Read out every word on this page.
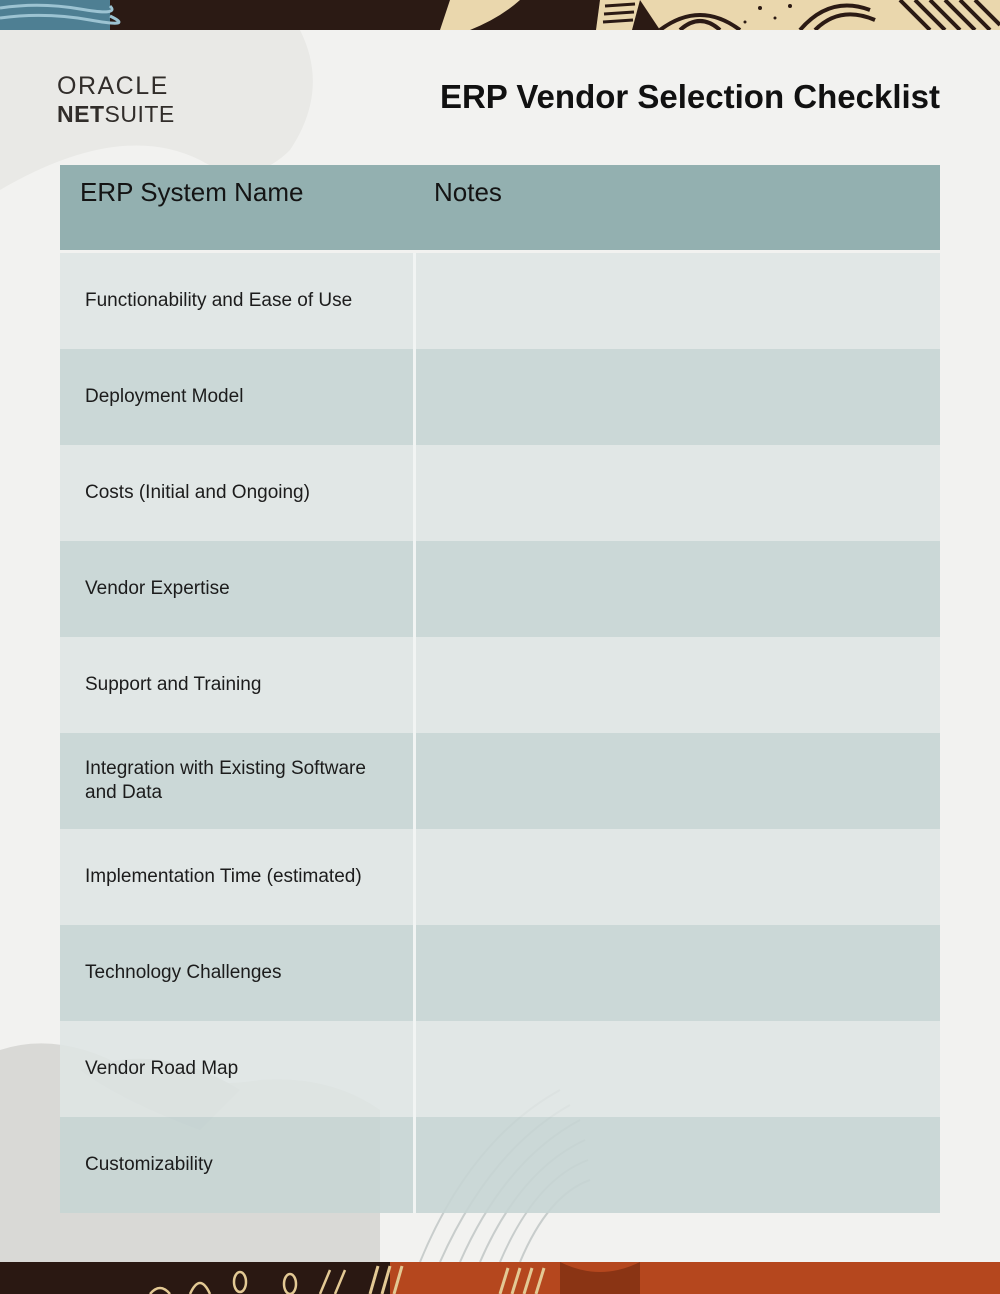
ORACLE
NETSUITE	ERP Vendor Selection Checklist
ERP System Name	Notes
Functionability and Ease of Use
Deployment Model
Costs (Initial and Ongoing)
Vendor Expertise
Support and Training
Integration with Existing Software and Data
Implementation Time (estimated)
Technology Challenges
Vendor Road Map
Customizability
